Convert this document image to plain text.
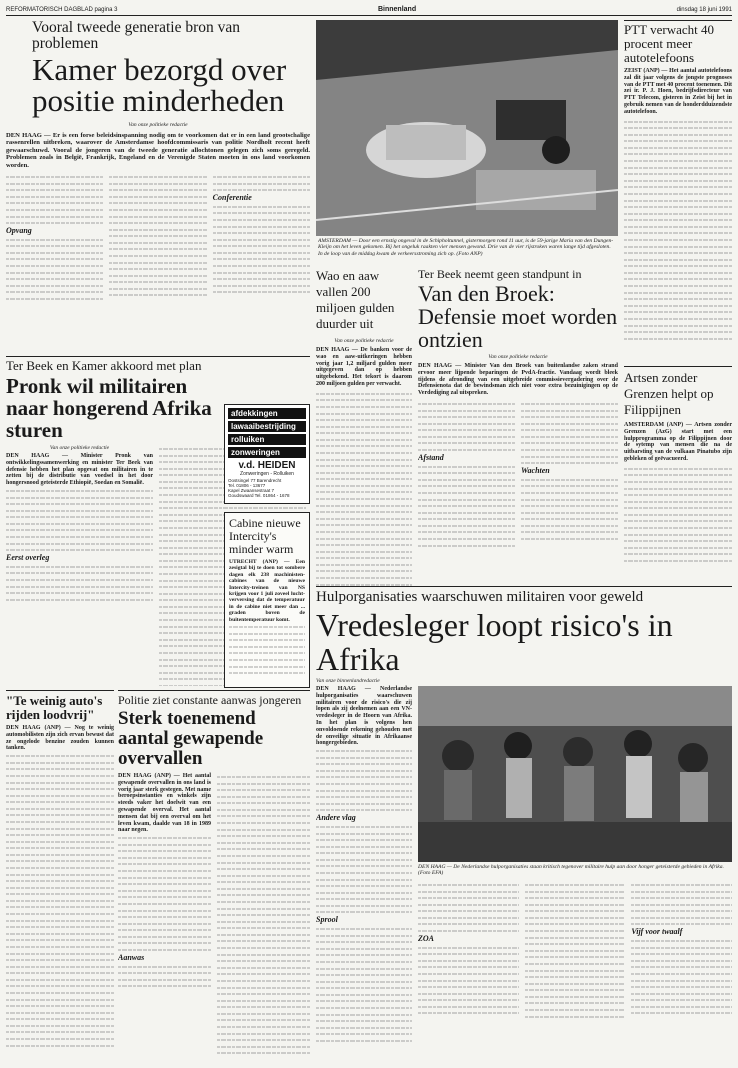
REFORMATORISCH DAGBLAD pagina 3	Binnenland	dinsdag 18 juni 1991
Vooral tweede generatie bron van problemen
Kamer bezorgd over positie minderheden
Van onze politieke redactie

DEN HAAG — Er is een forse beleidsinspanning nodig om te voorkomen dat er in een land grootschalige rassenrellen uitbreken, waarover de Amsterdamse hoofdcommissaris van politie Nordholt recent heeft gewaarschuwd. Vooral de jongeren van de tweede generatie allochtonen gelegen zich soms geregeld. Problemen zoals in België, Frankrijk, Engeland en de Verenigde Staten moeten in ons land voorkomen worden.

Opvang
Conferentie
AMSTERDAM — Door een ernstig ongeval in de Schipholtunnel, gistermorgen rond 11 uur, is de 59-jarige Maria van den Dungen-Kleijn om het leven gekomen. Bij het ongeluk raakten vier mensen gewond. Drie van de vier rijstroken waren lange tijd afgesloten. In de loop van de middag kwam de verkeersstroming zich op. (Foto ANP)
PTT verwacht 40 procent meer autotelefoons

ZEIST (ANP) — Het aantal autotelefoons zal dit jaar volgens de jongste prognoses van de PTT met 40 procent toenemen. Dit zei ir. P. J. Hoen, bedrijfsdirecteur van PTT Telecom, gisteren in Zeist bij het in gebruik nemen van de honderdduizendste autotelefoon.

Artsen zonder Grenzen helpt op Filippijnen

AMSTERDAM (ANP) — Artsen zonder Grenzen (AzG) start met een hulpprogramma op de Filippijnen door de sytemp van mensen die na de uitbarsting van de vulkaan Pinatubo zijn gebleken of geëvacueerd.

Wao en aaw vallen 200 miljoen gulden duurder uit
Van onze politieke redactie

DEN HAAG — De banken voor de wao en aaw-uitkeringen hebben vorig jaar 1,2 miljard gulden meer uitgegeven dan op hebben uitgebekend. Het tekort is daarom 200 miljoen gulden per verwacht.

Ter Beek neemt geen standpunt in
Van den Broek: Defensie moet worden ontzien
Van onze politieke redactie

DEN HAAG — Minister Van den Broek van buitenlandse zaken strand ervoor meer lijpende beparingen de PvdA-fractie. Vandaag wordt bleek tijdens de afronding van een uitgebreide commissievergadering over de Defensienota dat de bewindsman zich niet voor extra bezuinigingen op de Verdediging zal uitspreken.

Afstand
Wachten
Ter Beek en Kamer akkoord met plan
Pronk wil militairen naar hongerend Afrika sturen
Van onze politieke redactie

DEN HAAG — Minister Pronk van ontwikkelingssamenwerking en minister Ter Beek van defensie hebben het plan opgevat om militairen in te zetten bij de distributie van voedsel in het door hongersnood geteisterde Ethiopië, Soedan en Somalië.

Eerst overleg
afdekkingen
lawaaibestrijding
rolluiken
zonweringen
v.d. HEIDEN
Zonweringen - Rolluiken
Oostsingel 77 Barendrecht
Tel. 01806 - 13677
Kapel Zwaansestraat 7
Goudswaard Tel. 01864 - 1678
Cabine nieuwe Intercity's minder warm

UTRECHT (ANP) — Een zesigtal bij te doen tot sombere dagen elk 238 machinisten-cabines van de nieuwe Intercity-treinen van NS krijgen voor 1 juli zoveel lucht-verversing dat de temperatuur in de cabine niet meer dan ... graden boven de buitentemperatuur komt.

"Te weinig auto's rijden loodvrij"

DEN HAAG (ANP) — Nog te weinig automobilisten zijn zich ervan bewust dat ze ongelode benzine zouden kunnen tanken.

Politie ziet constante aanwas jongeren
Sterk toenemend aantal gewapende overvallen

DEN HAAG (ANP) — Het aantal gewapende overvallen in ons land is vorig jaar sterk gestegen. Met name beroepsinstanties en winkels zijn steeds vaker het doelwit van een gewapende overval. Het aantal mensen dat bij een overval om het leven kwam, daalde van 18 in 1989 naar negen.

Aanwas
Hulporganisaties waarschuwen militairen voor geweld
Vredesleger loopt risico's in Afrika
Van onze binnenlandredactie

DEN HAAG — Nederlandse hulporganisaties waarschuwen militairen voor de risico's die zij lopen als zij deelnemen aan een VN-vredesleger in de Hoorn van Afrika. In het plan is volgens hen onvoldoende rekening gehouden met de onveilige situatie in Afrikaanse hongergebieden.

Andere vlag
Sprool
DEN HAAG — De Nederlandse hulporganisaties staan kritisch tegenover militaire hulp aan door honger geteisterde gebieden in Afrika. (Foto EFA)
ZOA
Vijf voor twaalf
